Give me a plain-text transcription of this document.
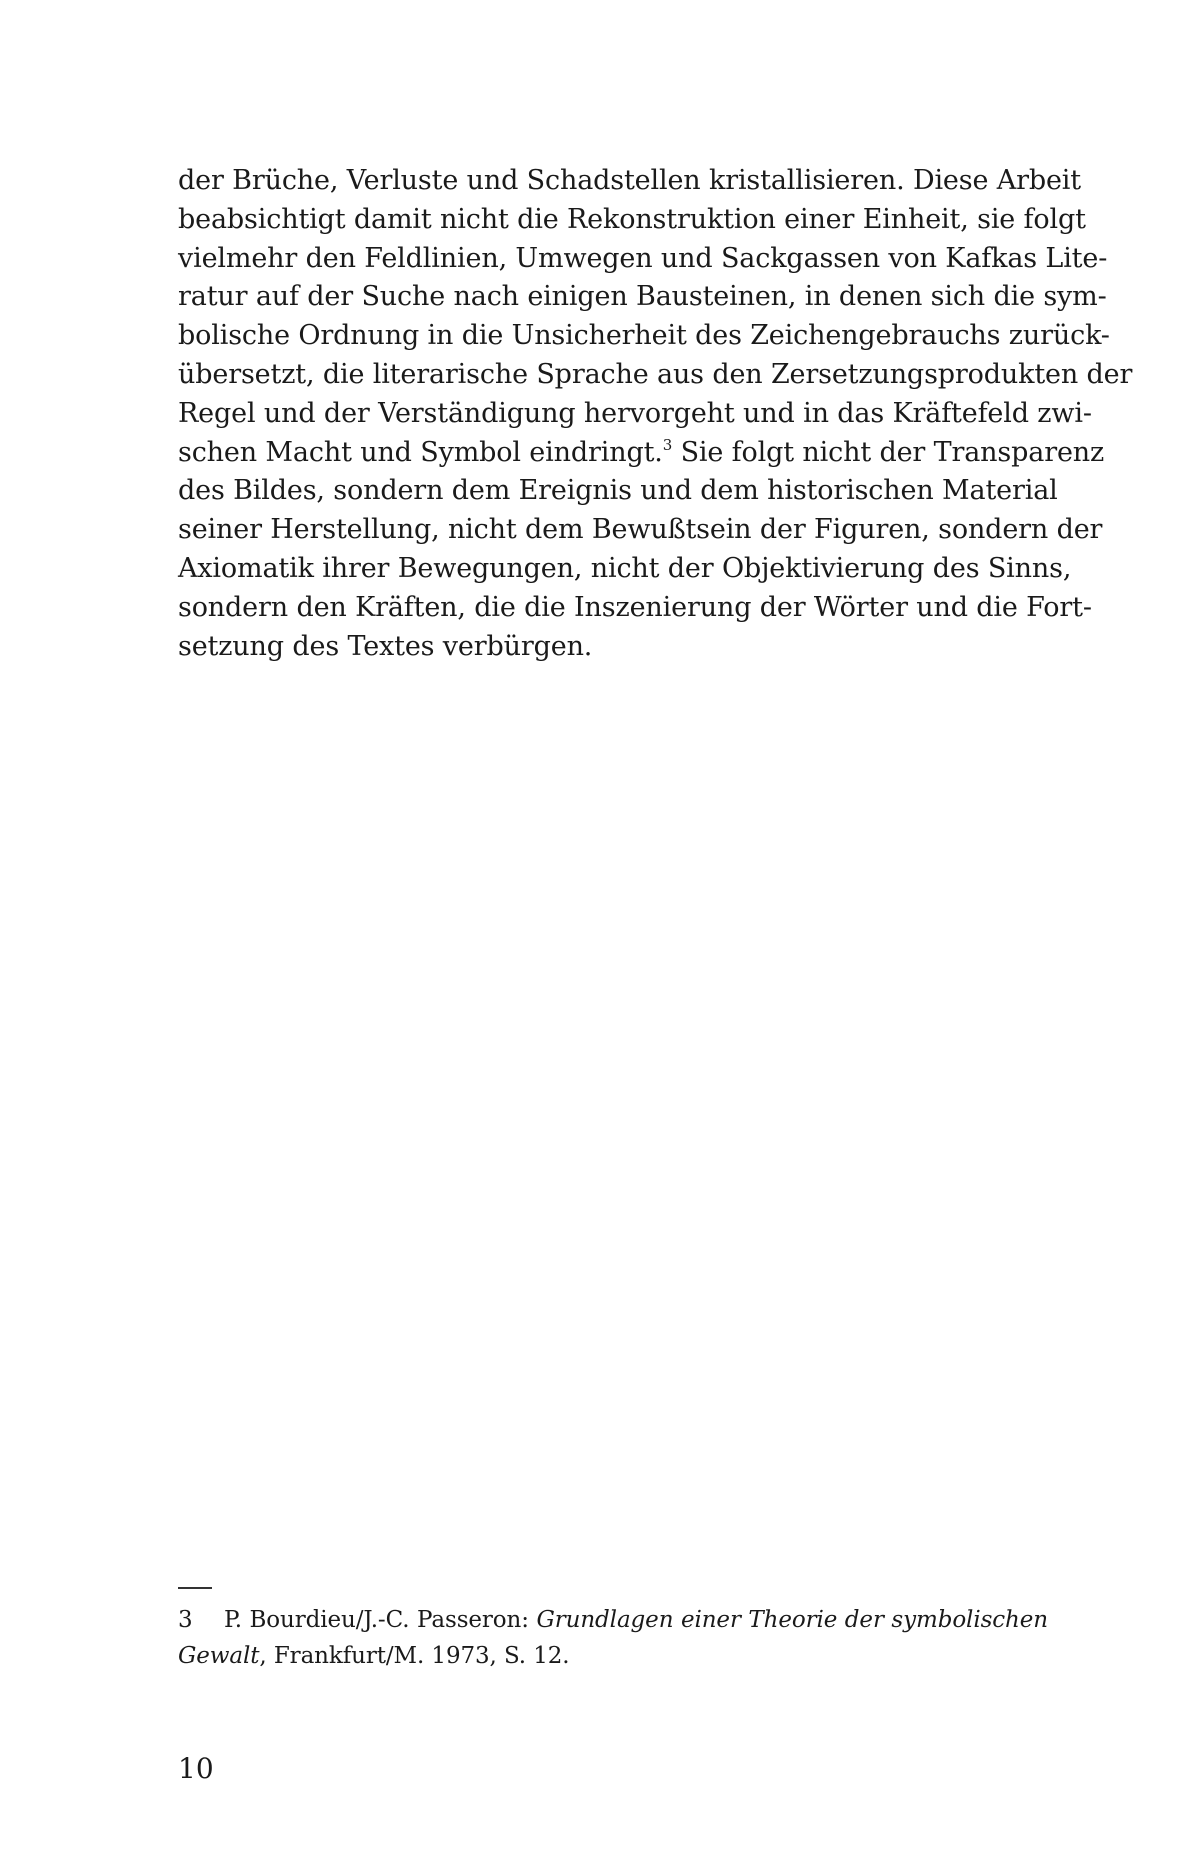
der Brüche, Verluste und Schadstellen kristallisieren. Diese Arbeit
beabsichtigt damit nicht die Rekonstruktion einer Einheit, sie folgt
vielmehr den Feldlinien, Umwegen und Sackgassen von Kafkas Lite-
ratur auf der Suche nach einigen Bausteinen, in denen sich die sym-
bolische Ordnung in die Unsicherheit des Zeichengebrauchs zurück-
übersetzt, die literarische Sprache aus den Zersetzungsprodukten der
Regel und der Verständigung hervorgeht und in das Kräftefeld zwi-
schen Macht und Symbol eindringt.$^3$ Sie folgt nicht der Transparenz
des Bildes, sondern dem Ereignis und dem historischen Material
seiner Herstellung, nicht dem Bewußtsein der Figuren, sondern der
Axiomatik ihrer Bewegungen, nicht der Objektivierung des Sinns,
sondern den Kräften, die die Inszenierung der Wörter und die Fort-
setzung des Textes verbürgen.
3 P. Bourdieu/J.-C. Passeron: Grundlagen einer Theorie der symbolischen
Gewalt, Frankfurt/M. 1973, S. 12.
10
